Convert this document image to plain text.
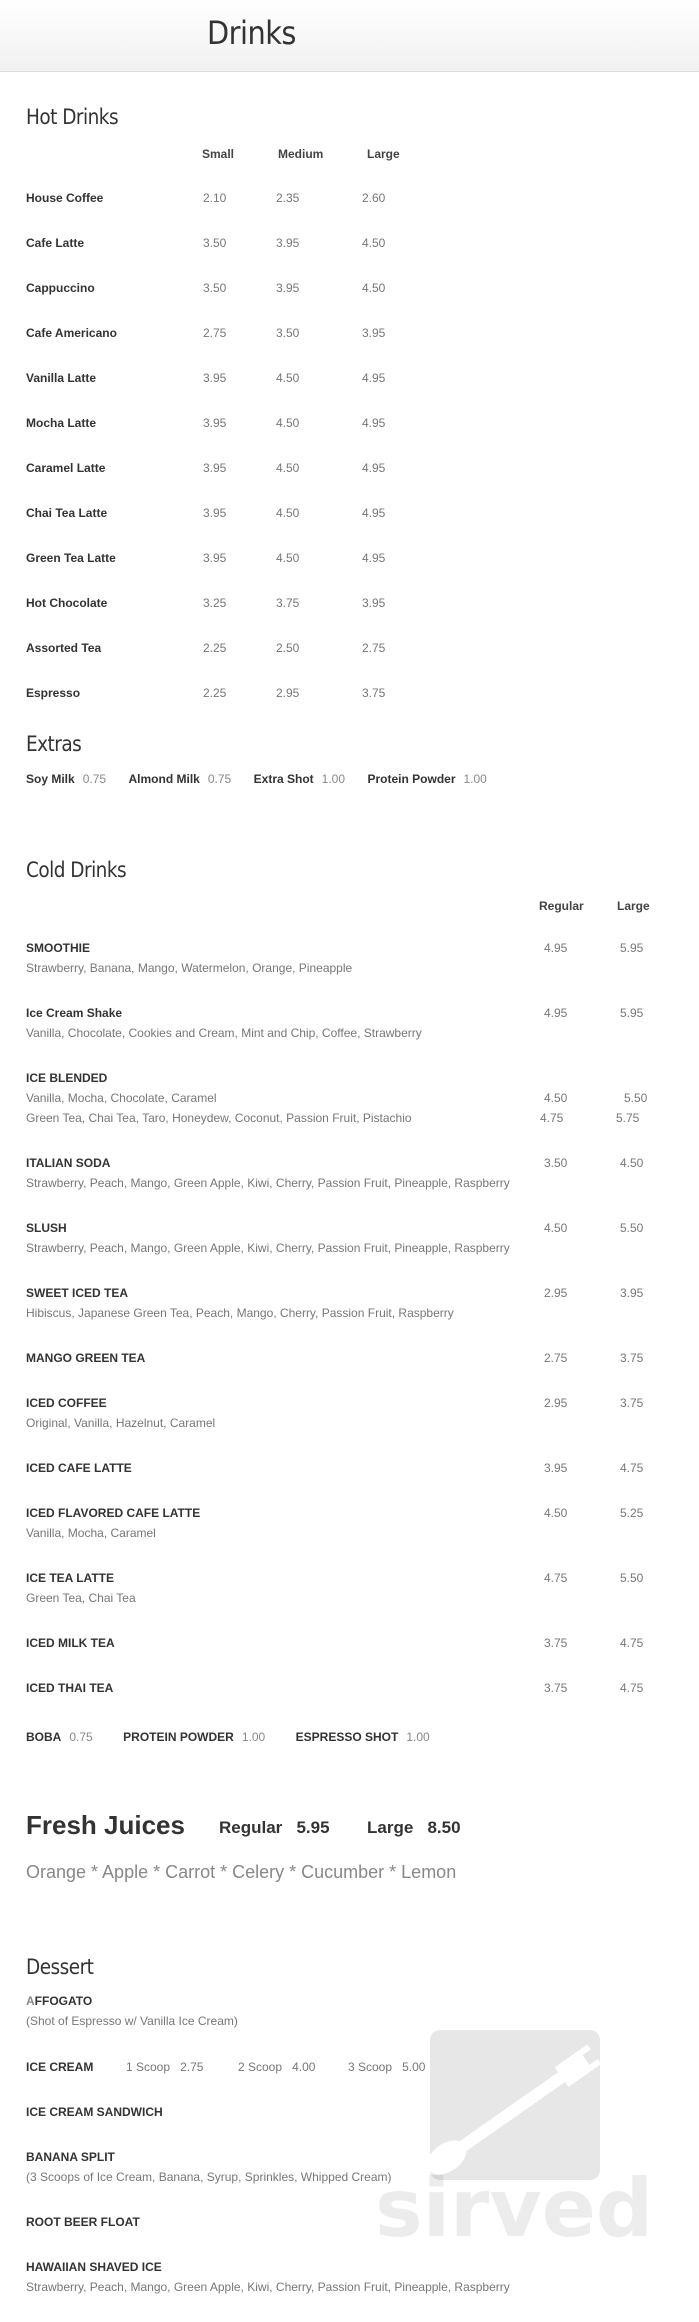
Drinks
Hot Drinks
Small	Medium	Large
House Coffee	2.10	2.35	2.60
Cafe Latte	3.50	3.95	4.50
Cappuccino	3.50	3.95	4.50
Cafe Americano	2.75	3.50	3.95
Vanilla Latte	3.95	4.50	4.95
Mocha Latte	3.95	4.50	4.95
Caramel Latte	3.95	4.50	4.95
Chai Tea Latte	3.95	4.50	4.95
Green Tea Latte	3.95	4.50	4.95
Hot Chocolate	3.25	3.75	3.95
Assorted Tea	2.25	2.50	2.75
Espresso	2.25	2.95	3.75
Extras
Soy Milk 0.75 Almond Milk 0.75 Extra Shot 1.00 Protein Powder 1.00
Cold Drinks
Regular	Large
SMOOTHIE	4.95	5.95
Strawberry, Banana, Mango, Watermelon, Orange, Pineapple
Ice Cream Shake	4.95	5.95
Vanilla, Chocolate, Cookies and Cream, Mint and Chip, Coffee, Strawberry
ICE BLENDED
Vanilla, Mocha, Chocolate, Caramel	4.50	5.50
Green Tea, Chai Tea, Taro, Honeydew, Coconut, Passion Fruit, Pistachio	4.75	5.75
ITALIAN SODA	3.50	4.50
Strawberry, Peach, Mango, Green Apple, Kiwi, Cherry, Passion Fruit, Pineapple, Raspberry
SLUSH	4.50	5.50
Strawberry, Peach, Mango, Green Apple, Kiwi, Cherry, Passion Fruit, Pineapple, Raspberry
SWEET ICED TEA	2.95	3.95
Hibiscus, Japanese Green Tea, Peach, Mango, Cherry, Passion Fruit, Raspberry
MANGO GREEN TEA	2.75	3.75
ICED COFFEE	2.95	3.75
Original, Vanilla, Hazelnut, Caramel
ICED CAFE LATTE	3.95	4.75
ICED FLAVORED CAFE LATTE	4.50	5.25
Vanilla, Mocha, Caramel
ICE TEA LATTE	4.75	5.50
Green Tea, Chai Tea
ICED MILK TEA	3.75	4.75
ICED THAI TEA	3.75	4.75
BOBA 0.75	PROTEIN POWDER 1.00	ESPRESSO SHOT 1.00
Fresh Juices Regular 5.95 Large 8.50
Orange * Apple * Carrot * Celery * Cucumber * Lemon
sirved
Dessert
AFFOGATO
(Shot of Espresso w/ Vanilla Ice Cream)
ICE CREAM	1 Scoop 2.75	2 Scoop 4.00	3 Scoop 5.00
ICE CREAM SANDWICH
BANANA SPLIT
(3 Scoops of Ice Cream, Banana, Syrup, Sprinkles, Whipped Cream)
ROOT BEER FLOAT
HAWAIIAN SHAVED ICE
Strawberry, Peach, Mango, Green Apple, Kiwi, Cherry, Passion Fruit, Pineapple, Raspberry
